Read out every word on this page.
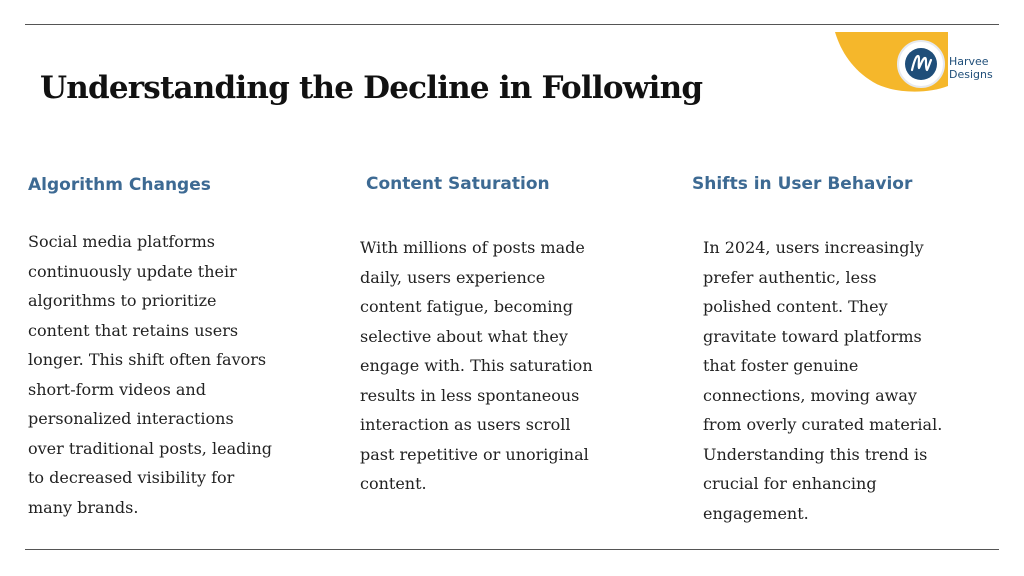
Understanding the Decline in Following
Harvee
Designs
Algorithm Changes
Social media platforms
continuously update their
algorithms to prioritize
content that retains users
longer. This shift often favors
short-form videos and
personalized interactions
over traditional posts, leading
to decreased visibility for
many brands.
Content Saturation
With millions of posts made
daily, users experience
content fatigue, becoming
selective about what they
engage with. This saturation
results in less spontaneous
interaction as users scroll
past repetitive or unoriginal
content.
Shifts in User Behavior
In 2024, users increasingly
prefer authentic, less
polished content. They
gravitate toward platforms
that foster genuine
connections, moving away
from overly curated material.
Understanding this trend is
crucial for enhancing
engagement.
